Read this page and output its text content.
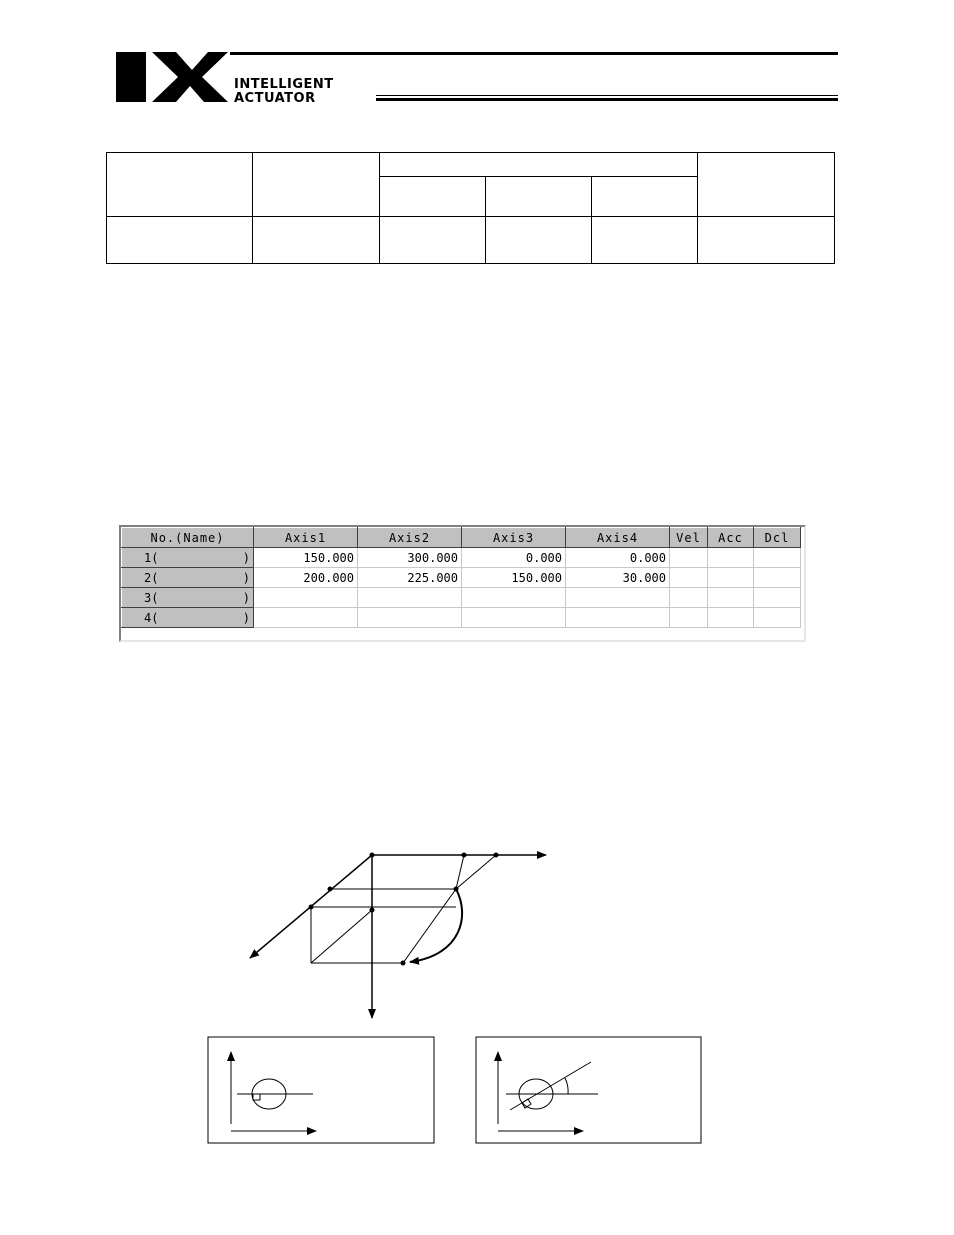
INTELLIGENT
ACTUATOR

No.(Name)	Axis1	Axis2	Axis3	Axis4	Vel	Acc	Dcl
1( )	150.000	300.000	0.000	0.000			
2( )	200.000	225.000	150.000	30.000			
3( )							

4( )							
